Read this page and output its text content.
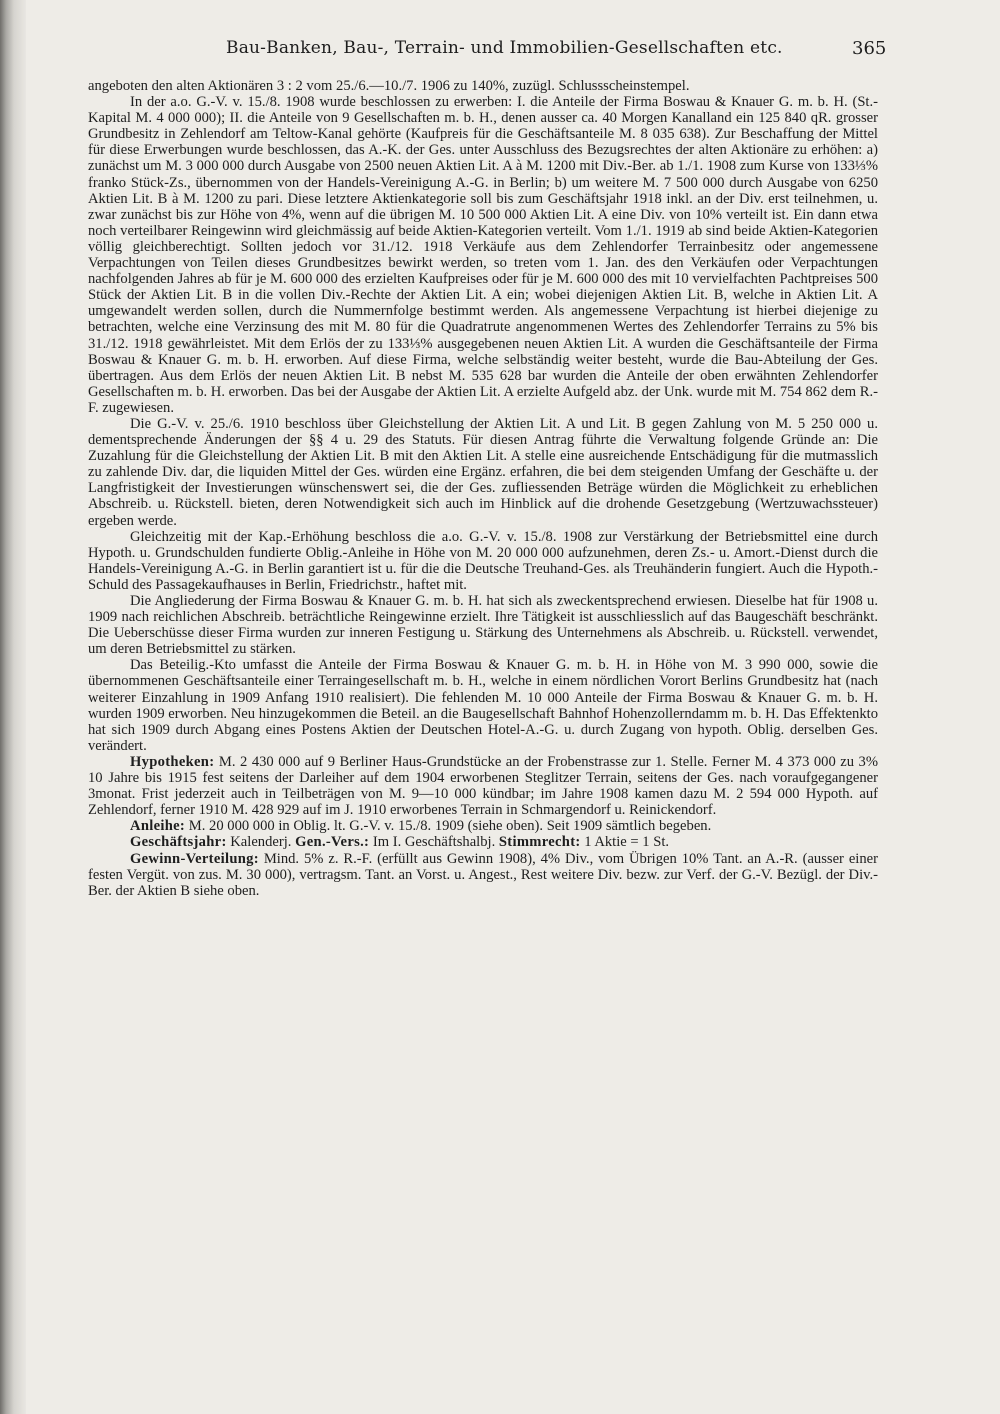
Bau-Banken, Bau-, Terrain- und Immobilien-Gesellschaften etc.	365

angeboten den alten Aktionären 3 : 2 vom 25./6.—10./7. 1906 zu 140%, zuzügl. Schlussscheinstempel.

In der a.o. G.-V. v. 15./8. 1908 wurde beschlossen zu erwerben: I. die Anteile der Firma Boswau & Knauer G. m. b. H. (St.-Kapital M. 4 000 000); II. die Anteile von 9 Gesellschaften m. b. H., denen ausser ca. 40 Morgen Kanalland ein 125 840 qR. grosser Grundbesitz in Zehlendorf am Teltow-Kanal gehörte (Kaufpreis für die Geschäftsanteile M. 8 035 638). Zur Beschaffung der Mittel für diese Erwerbungen wurde beschlossen, das A.-K. der Ges. unter Ausschluss des Bezugsrechtes der alten Aktionäre zu erhöhen: a) zunächst um M. 3 000 000 durch Ausgabe von 2500 neuen Aktien Lit. A à M. 1200 mit Div.-Ber. ab 1./1. 1908 zum Kurse von 133⅓% franko Stück-Zs., übernommen von der Handels-Vereinigung A.-G. in Berlin; b) um weitere M. 7 500 000 durch Ausgabe von 6250 Aktien Lit. B à M. 1200 zu pari. Diese letztere Aktienkategorie soll bis zum Geschäftsjahr 1918 inkl. an der Div. erst teilnehmen, u. zwar zunächst bis zur Höhe von 4%, wenn auf die übrigen M. 10 500 000 Aktien Lit. A eine Div. von 10% verteilt ist. Ein dann etwa noch verteilbarer Reingewinn wird gleichmässig auf beide Aktien-Kategorien verteilt. Vom 1./1. 1919 ab sind beide Aktien-Kategorien völlig gleichberechtigt. Sollten jedoch vor 31./12. 1918 Verkäufe aus dem Zehlendorfer Terrainbesitz oder angemessene Verpachtungen von Teilen dieses Grundbesitzes bewirkt werden, so treten vom 1. Jan. des den Verkäufen oder Verpachtungen nachfolgenden Jahres ab für je M. 600 000 des erzielten Kaufpreises oder für je M. 600 000 des mit 10 vervielfachten Pachtpreises 500 Stück der Aktien Lit. B in die vollen Div.-Rechte der Aktien Lit. A ein; wobei diejenigen Aktien Lit. B, welche in Aktien Lit. A umgewandelt werden sollen, durch die Nummernfolge bestimmt werden. Als angemessene Verpachtung ist hierbei diejenige zu betrachten, welche eine Verzinsung des mit M. 80 für die Quadratrute angenommenen Wertes des Zehlendorfer Terrains zu 5% bis 31./12. 1918 gewährleistet. Mit dem Erlös der zu 133⅓% ausgegebenen neuen Aktien Lit. A wurden die Geschäftsanteile der Firma Boswau & Knauer G. m. b. H. erworben. Auf diese Firma, welche selbständig weiter besteht, wurde die Bau-Abteilung der Ges. übertragen. Aus dem Erlös der neuen Aktien Lit. B nebst M. 535 628 bar wurden die Anteile der oben erwähnten Zehlendorfer Gesellschaften m. b. H. erworben. Das bei der Ausgabe der Aktien Lit. A erzielte Aufgeld abz. der Unk. wurde mit M. 754 862 dem R.-F. zugewiesen.

Die G.-V. v. 25./6. 1910 beschloss über Gleichstellung der Aktien Lit. A und Lit. B gegen Zahlung von M. 5 250 000 u. dementsprechende Änderungen der §§ 4 u. 29 des Statuts. Für diesen Antrag führte die Verwaltung folgende Gründe an: Die Zuzahlung für die Gleichstellung der Aktien Lit. B mit den Aktien Lit. A stelle eine ausreichende Entschädigung für die mutmasslich zu zahlende Div. dar, die liquiden Mittel der Ges. würden eine Ergänz. erfahren, die bei dem steigenden Umfang der Geschäfte u. der Langfristigkeit der Investierungen wünschenswert sei, die der Ges. zufliessenden Beträge würden die Möglichkeit zu erheblichen Abschreib. u. Rückstell. bieten, deren Notwendigkeit sich auch im Hinblick auf die drohende Gesetzgebung (Wertzuwachssteuer) ergeben werde.

Gleichzeitig mit der Kap.-Erhöhung beschloss die a.o. G.-V. v. 15./8. 1908 zur Verstärkung der Betriebsmittel eine durch Hypoth. u. Grundschulden fundierte Oblig.-Anleihe in Höhe von M. 20 000 000 aufzunehmen, deren Zs.- u. Amort.-Dienst durch die Handels-Vereinigung A.-G. in Berlin garantiert ist u. für die die Deutsche Treuhand-Ges. als Treuhänderin fungiert. Auch die Hypoth.-Schuld des Passagekaufhauses in Berlin, Friedrichstr., haftet mit.

Die Angliederung der Firma Boswau & Knauer G. m. b. H. hat sich als zweckentsprechend erwiesen. Dieselbe hat für 1908 u. 1909 nach reichlichen Abschreib. beträchtliche Reingewinne erzielt. Ihre Tätigkeit ist ausschliesslich auf das Baugeschäft beschränkt. Die Ueberschüsse dieser Firma wurden zur inneren Festigung u. Stärkung des Unternehmens als Abschreib. u. Rückstell. verwendet, um deren Betriebsmittel zu stärken.

Das Beteilig.-Kto umfasst die Anteile der Firma Boswau & Knauer G. m. b. H. in Höhe von M. 3 990 000, sowie die übernommenen Geschäftsanteile einer Terraingesellschaft m. b. H., welche in einem nördlichen Vorort Berlins Grundbesitz hat (nach weiterer Einzahlung in 1909 Anfang 1910 realisiert). Die fehlenden M. 10 000 Anteile der Firma Boswau & Knauer G. m. b. H. wurden 1909 erworben. Neu hinzugekommen die Beteil. an die Baugesellschaft Bahnhof Hohenzollerndamm m. b. H. Das Effektenkto hat sich 1909 durch Abgang eines Postens Aktien der Deutschen Hotel-A.-G. u. durch Zugang von hypoth. Oblig. derselben Ges. verändert.

Hypotheken: M. 2 430 000 auf 9 Berliner Haus-Grundstücke an der Frobenstrasse zur 1. Stelle. Ferner M. 4 373 000 zu 3% 10 Jahre bis 1915 fest seitens der Darleiher auf dem 1904 erworbenen Steglitzer Terrain, seitens der Ges. nach voraufgegangener 3monat. Frist jederzeit auch in Teilbeträgen von M. 9—10 000 kündbar; im Jahre 1908 kamen dazu M. 2 594 000 Hypoth. auf Zehlendorf, ferner 1910 M. 428 929 auf im J. 1910 erworbenes Terrain in Schmargendorf u. Reinickendorf.

Anleihe: M. 20 000 000 in Oblig. lt. G.-V. v. 15./8. 1909 (siehe oben). Seit 1909 sämtlich begeben.

Geschäftsjahr: Kalenderj. Gen.-Vers.: Im I. Geschäftshalbj. Stimmrecht: 1 Aktie = 1 St.

Gewinn-Verteilung: Mind. 5% z. R.-F. (erfüllt aus Gewinn 1908), 4% Div., vom Übrigen 10% Tant. an A.-R. (ausser einer festen Vergüt. von zus. M. 30 000), vertragsm. Tant. an Vorst. u. Angest., Rest weitere Div. bezw. zur Verf. der G.-V. Bezügl. der Div.-Ber. der Aktien B siehe oben.
